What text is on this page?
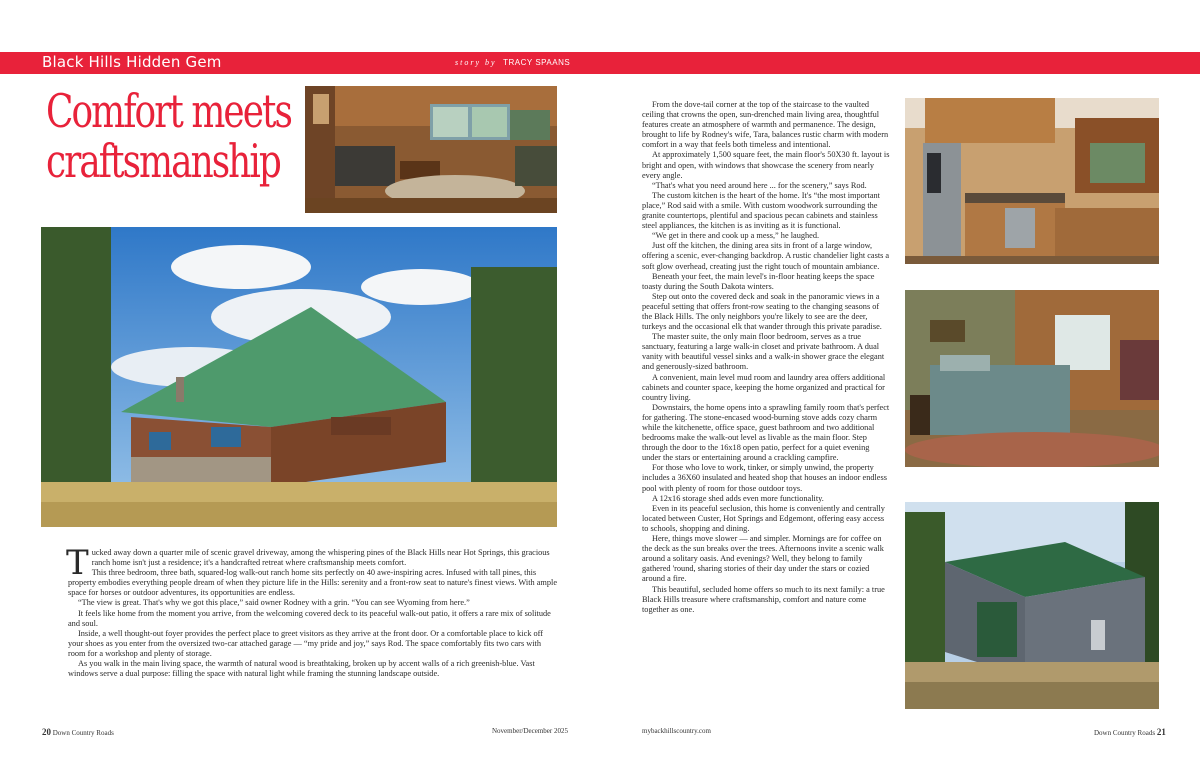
Black Hills Hidden Gem	story by TRACY SPAANS
Comfort meets
craftsmanship

Tucked away down a quarter mile of scenic gravel driveway, among the whispering pines of the Black Hills near Hot Springs, this gracious ranch home isn't just a residence; it's a handcrafted retreat where craftsmanship meets comfort.

This three bedroom, three bath, squared-log walk-out ranch home sits perfectly on 40 awe-inspiring acres. Infused with tall pines, this property embodies everything people dream of when they picture life in the Hills: serenity and a front-row seat to nature's finest views. With ample space for horses or outdoor adventures, its opportunities are endless.

“The view is great. That's why we got this place,” said owner Rodney with a grin. “You can see Wyoming from here.”

It feels like home from the moment you arrive, from the welcoming covered deck to its peaceful walk-out patio, it offers a rare mix of solitude and soul.

Inside, a well thought-out foyer provides the perfect place to greet visitors as they arrive at the front door. Or a comfortable place to kick off your shoes as you enter from the oversized two-car attached garage — “my pride and joy,” says Rod. The space comfortably fits two cars with room for a workshop and plenty of storage.

As you walk in the main living space, the warmth of natural wood is breathtaking, broken up by accent walls of a rich greenish-blue. Vast windows serve a dual purpose: filling the space with natural light while framing the stunning landscape outside.

From the dove-tail corner at the top of the staircase to the vaulted ceiling that crowns the open, sun-drenched main living area, thoughtful features create an atmosphere of warmth and permanence. The design, brought to life by Rodney's wife, Tara, balances rustic charm with modern comfort in a way that feels both timeless and intentional.

At approximately 1,500 square feet, the main floor's 50X30 ft. layout is bright and open, with windows that showcase the scenery from nearly every angle.

“That's what you need around here ... for the scenery,” says Rod.

The custom kitchen is the heart of the home. It's “the most important place,” Rod said with a smile. With custom woodwork surrounding the granite countertops, plentiful and spacious pecan cabinets and stainless steel appliances, the kitchen is as inviting as it is functional.

“We get in there and cook up a mess,” he laughed.

Just off the kitchen, the dining area sits in front of a large window, offering a scenic, ever-changing backdrop. A rustic chandelier light casts a soft glow overhead, creating just the right touch of mountain ambiance.

Beneath your feet, the main level's in-floor heating keeps the space toasty during the South Dakota winters.

Step out onto the covered deck and soak in the panoramic views in a peaceful setting that offers front-row seating to the changing seasons of the Black Hills. The only neighbors you're likely to see are the deer, turkeys and the occasional elk that wander through this private paradise.

The master suite, the only main floor bedroom, serves as a true sanctuary, featuring a large walk-in closet and private bathroom. A dual vanity with beautiful vessel sinks and a walk-in shower grace the elegant and generously-sized bathroom.

A convenient, main level mud room and laundry area offers additional cabinets and counter space, keeping the home organized and practical for country living.

Downstairs, the home opens into a sprawling family room that's perfect for gathering. The stone-encased wood-burning stove adds cozy charm while the kitchenette, office space, guest bathroom and two additional bedrooms make the walk-out level as livable as the main floor. Step through the door to the 16x18 open patio, perfect for a quiet evening under the stars or entertaining around a crackling campfire.

For those who love to work, tinker, or simply unwind, the property includes a 36X60 insulated and heated shop that houses an indoor endless pool with plenty of room for those outdoor toys.

A 12x16 storage shed adds even more functionality.

Even in its peaceful seclusion, this home is conveniently and centrally located between Custer, Hot Springs and Edgemont, offering easy access to schools, shopping and dining.

Here, things move slower — and simpler. Mornings are for coffee on the deck as the sun breaks over the trees. Afternoons invite a scenic walk around a solitary oasis. And evenings? Well, they belong to family gathered 'round, sharing stories of their day under the stars or cozied around a fire.

This beautiful, secluded home offers so much to its next family: a true Black Hills treasure where craftsmanship, comfort and nature come together as one.

20 Down Country Roads	November/December 2025	mybackhillscountry.com	Down Country Roads 21
